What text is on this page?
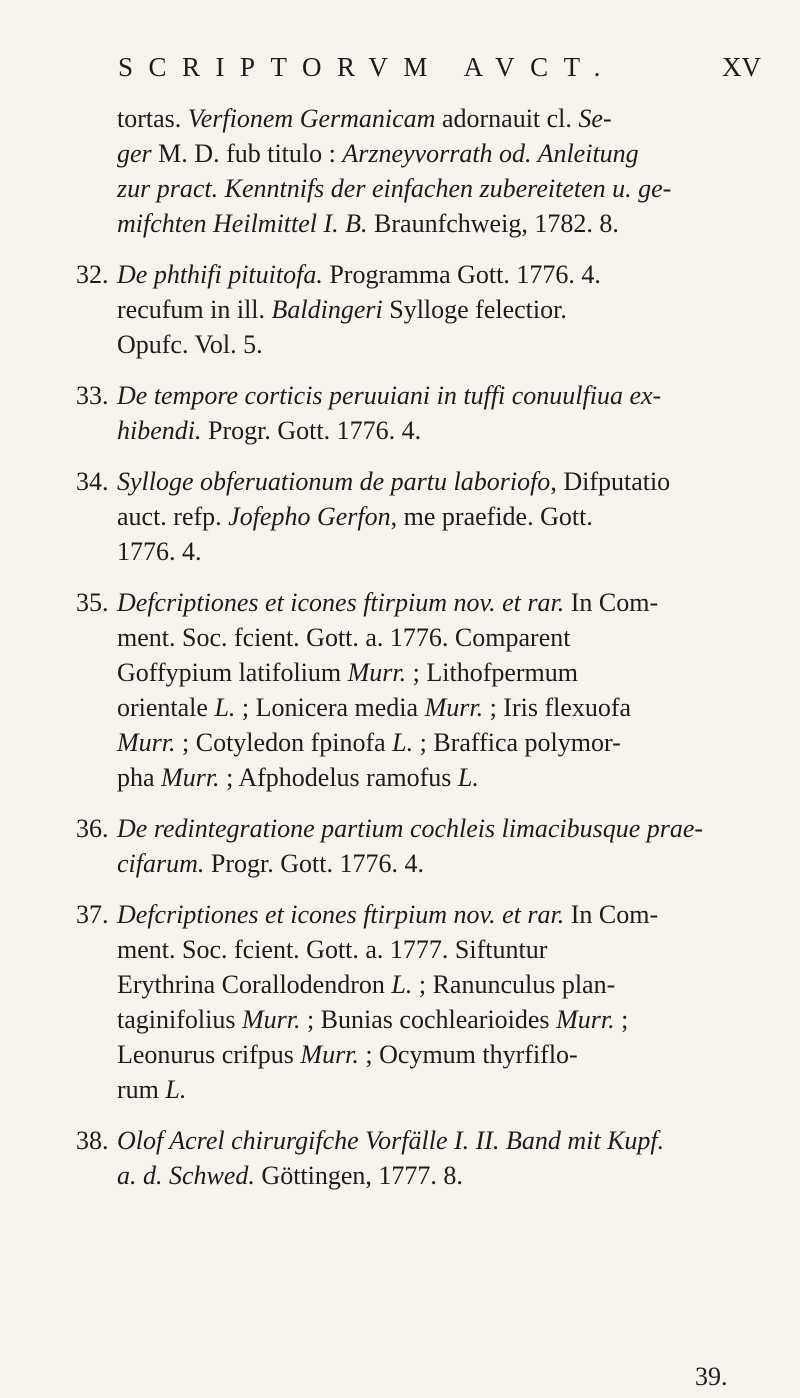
SCRIPTORVM AVCT.	XV
tortas. Verfionem Germanicam adornauit cl. Se-
ger M. D. fub titulo : Arzneyvorrath od. Anleitung
zur pract. Kenntnifs der einfachen zubereiteten u. ge-
mifchten Heilmittel I. B. Braunfchweig, 1782. 8.
32. De phthifi pituitofa. Programma Gott. 1776. 4.
recufum in ill. Baldingeri Sylloge felectior.
Opufc. Vol. 5.
33. De tempore corticis peruuiani in tuffi conuulfiua ex-
hibendi. Progr. Gott. 1776. 4.
34. Sylloge obferuationum de partu laboriofo, Difputatio
auct. refp. Jofepho Gerfon, me praefide. Gott.
1776. 4.
35. Defcriptiones et icones ftirpium nov. et rar. In Com-
ment. Soc. fcient. Gott. a. 1776. Comparent
Goffypium latifolium Murr. ; Lithofpermum
orientale L. ; Lonicera media Murr. ; Iris flexuofa
Murr. ; Cotyledon fpinofa L. ; Braffica polymor-
pha Murr. ; Afphodelus ramofus L.
36. De redintegratione partium cochleis limacibusque prae-
cifarum. Progr. Gott. 1776. 4.
37. Defcriptiones et icones ftirpium nov. et rar. In Com-
ment. Soc. fcient. Gott. a. 1777. Siftuntur
Erythrina Corallodendron L. ; Ranunculus plan-
taginifolius Murr. ; Bunias cochlearioides Murr. ;
Leonurus crifpus Murr. ; Ocymum thyrfiflo-
rum L.
38. Olof Acrel chirurgifche Vorfälle I. II. Band mit Kupf.
a. d. Schwed. Göttingen, 1777. 8.
39.
